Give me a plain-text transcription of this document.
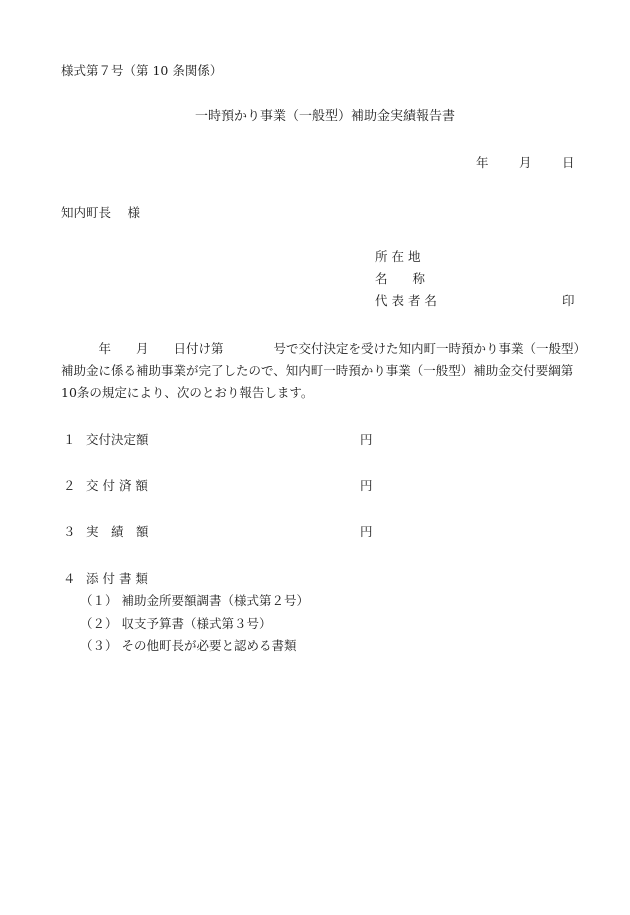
様式第７号（第 10 条関係）
一時預かり事業（一般型）補助金実績報告書
年 月 日
知内町長　 様
所 在 地
名　　称
代 表 者 名	印
　　　年　　月　　日付け第　　　　号で交付決定を受けた知内町一時預かり事業（一般型）
補助金に係る補助事業が完了したので、知内町一時預かり事業（一般型）補助金交付要綱第
10条の規定により、次のとおり報告します。
１ 交付決定額	円
２ 交 付 済 額	円
３ 実　績　額	円
４ 添 付 書 類
（１） 補助金所要額調書（様式第２号）
（２） 収支予算書（様式第３号）
（３） その他町長が必要と認める書類
